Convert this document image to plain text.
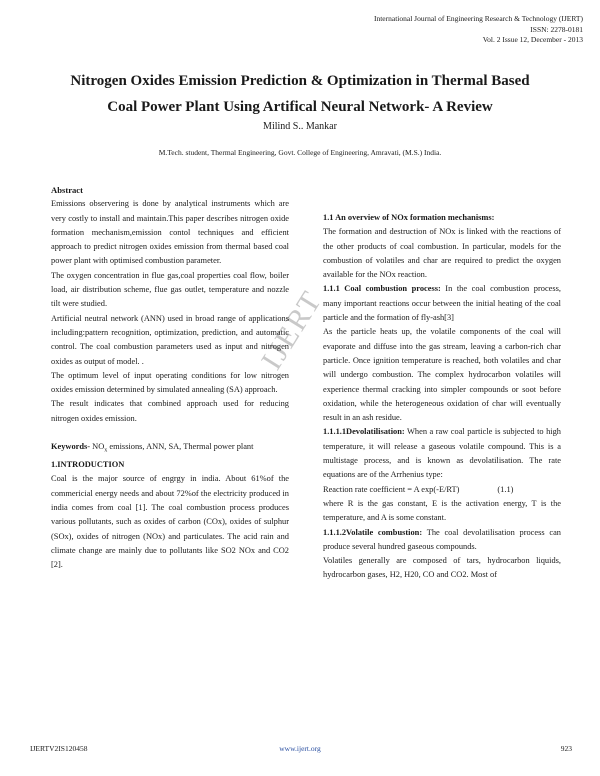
International Journal of Engineering Research & Technology (IJERT)
ISSN: 2278-0181
Vol. 2 Issue 12, December - 2013
Nitrogen Oxides Emission Prediction & Optimization in Thermal Based
Coal Power Plant Using Artifical Neural Network- A Review
Milind S.. Mankar
M.Tech. student, Thermal Engineering, Govt. College of Engineering, Amravati, (M.S.) India.
IJERT

Abstract

Emissions observering is done by analytical instruments which are very costly to install and maintain.This paper describes nitrogen oxide formation mechanism,emission contol techniques and efficient approach to predict nitrogen oxides emission from thermal based coal power plant with optimised combustion parameter.

The oxygen concentration in flue gas,coal properties coal flow, boiler load, air distribution scheme, flue gas outlet, temperature and nozzle tilt were studied.

Artificial neutral network (ANN) used in broad range of applications including:pattern recognition, optimization, prediction, and automatic control. The coal combustion parameters used as input and nitrogen oxides as output of model. .

The optimum level of input operating conditions for low nitrogen oxides emission determined by simulated annealing (SA) approach.

The result indicates that combined approach used for reducing nitrogen oxides emission.

Keywords- $NO_x$ emissions, ANN, SA, Thermal power plant

1.INTRODUCTION

Coal is the major source of engrgy in india. About 61%of the commericial energy needs and about 72%of the electricity produced in india comes from coal [1]. The coal combustion process produces various pollutants, such as oxides of carbon (COx), oxides of sulphur (SOx), oxides of nitrogen (NOx) and particulates. The acid rain and climate change are mainly due to pollutants like SO2 NOx and CO2 [2].

1.1 An overview of NOx formation mechanisms:

The formation and destruction of NOx is linked with the reactions of the other products of coal combustion. In particular, models for the combustion of volatiles and char are required to predict the oxygen available for the NOx reaction.

1.1.1 Coal combustion process: In the coal combustion process, many important reactions occur between the initial heating of the coal particle and the formation of fly-ash[3]

As the particle heats up, the volatile components of the coal will evaporate and diffuse into the gas stream, leaving a carbon-rich char particle. Once ignition temperature is reached, both volatiles and char will undergo combustion. The complex hydrocarbon volatiles will experience thermal cracking into simpler compounds or soot before oxidation, while the heterogeneous oxidation of char will eventually result in an ash residue.

1.1.1.1Devolatilisation: When a raw coal particle is subjected to high temperature, it will release a gaseous volatile compound. This is a multistage process, and is known as devolatilisation. The rate equations are of the Arrhenius type:

Reaction rate coefficient = A exp(-E/RT)	(1.1)

where R is the gas constant, E is the activation energy, T is the temperature, and A is some constant.

1.1.1.2Volatile combustion: The coal devolatilisation process can produce several hundred gaseous compounds.

Volatiles generally are composed of tars, hydrocarbon liquids, hydrocarbon gases, H2, H20, CO and CO2. Most of

IJERTV2IS120458	www.ijert.org	923
